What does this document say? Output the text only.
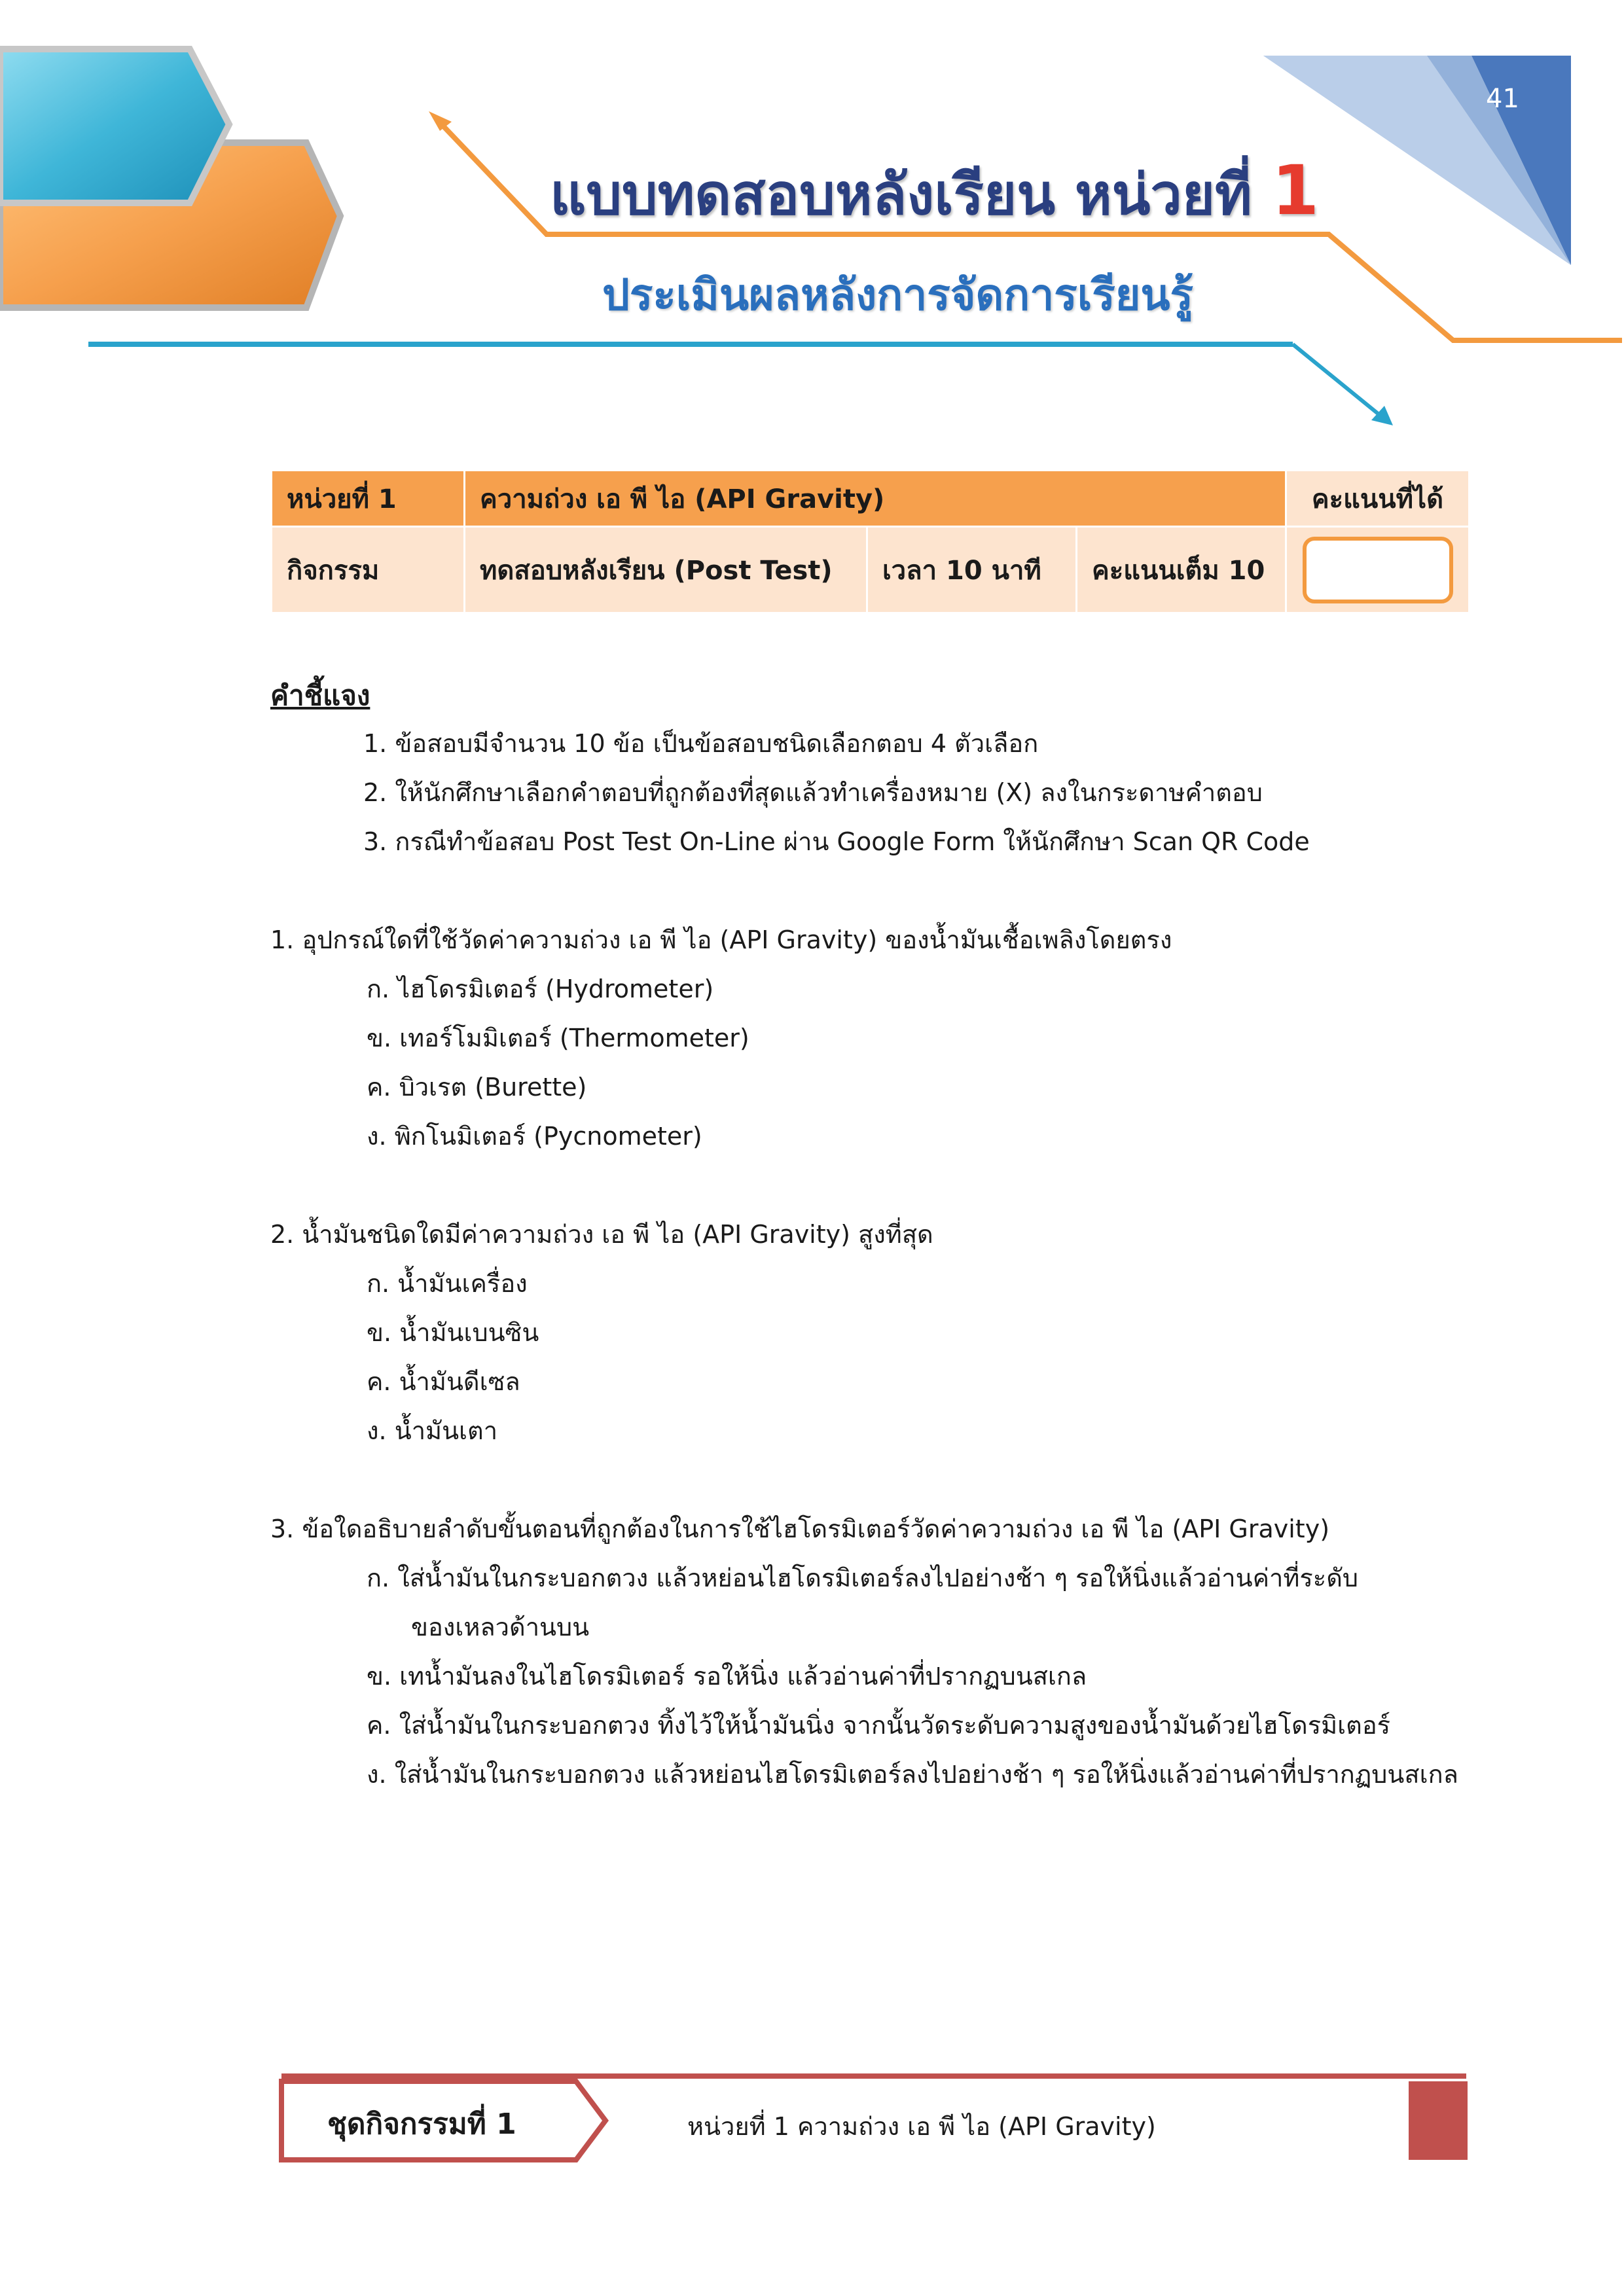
41
แบบทดสอบหลังเรียน หน่วยที่ 1
ประเมินผลหลังการจัดการเรียนรู้
หน่วยที่ 1	ความถ่วง เอ พี ไอ (API Gravity)			คะแนนที่ได้
กิจกรรม	ทดสอบหลังเรียน (Post Test)	เวลา 10 นาที	คะแนนเต็ม 10	
คำชี้แจง
1. ข้อสอบมีจำนวน 10 ข้อ เป็นข้อสอบชนิดเลือกตอบ 4 ตัวเลือก
2. ให้นักศึกษาเลือกคำตอบที่ถูกต้องที่สุดแล้วทำเครื่องหมาย (X) ลงในกระดาษคำตอบ
3. กรณีทำข้อสอบ Post Test On-Line ผ่าน Google Form ให้นักศึกษา Scan QR Code
1. อุปกรณ์ใดที่ใช้วัดค่าความถ่วง เอ พี ไอ (API Gravity) ของน้ำมันเชื้อเพลิงโดยตรง
ก. ไฮโดรมิเตอร์ (Hydrometer)
ข. เทอร์โมมิเตอร์ (Thermometer)
ค. บิวเรต (Burette)
ง. พิกโนมิเตอร์ (Pycnometer)
2. น้ำมันชนิดใดมีค่าความถ่วง เอ พี ไอ (API Gravity) สูงที่สุด
ก. น้ำมันเครื่อง
ข. น้ำมันเบนซิน
ค. น้ำมันดีเซล
ง. น้ำมันเตา
3. ข้อใดอธิบายลำดับขั้นตอนที่ถูกต้องในการใช้ไฮโดรมิเตอร์วัดค่าความถ่วง เอ พี ไอ (API Gravity)
ก. ใส่น้ำมันในกระบอกตวง แล้วหย่อนไฮโดรมิเตอร์ลงไปอย่างช้า ๆ รอให้นิ่งแล้วอ่านค่าที่ระดับ
ของเหลวด้านบน
ข. เทน้ำมันลงในไฮโดรมิเตอร์ รอให้นิ่ง แล้วอ่านค่าที่ปรากฏบนสเกล
ค. ใส่น้ำมันในกระบอกตวง ทิ้งไว้ให้น้ำมันนิ่ง จากนั้นวัดระดับความสูงของน้ำมันด้วยไฮโดรมิเตอร์
ง. ใส่น้ำมันในกระบอกตวง แล้วหย่อนไฮโดรมิเตอร์ลงไปอย่างช้า ๆ รอให้นิ่งแล้วอ่านค่าที่ปรากฏบนสเกล
ชุดกิจกรรมที่ 1	หน่วยที่ 1 ความถ่วง เอ พี ไอ (API Gravity)
